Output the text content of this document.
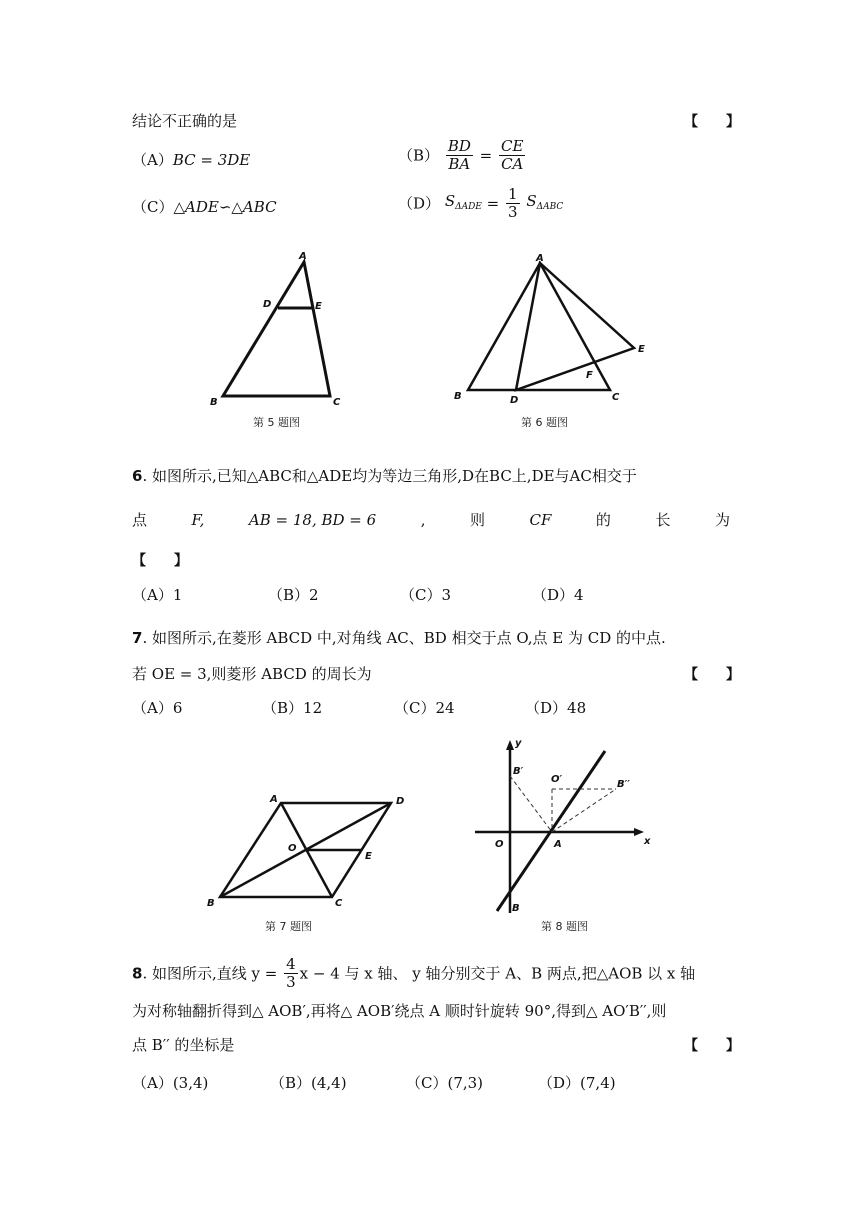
结论不正确的是	【　　】
（A）BC = 3DE	$(B) \frac{BD}{BA} = \frac{CE}{CA}$
（C）△ADE∽△ABC	（D） $S_{\Delta ADE} = \frac{1}{3} S_{\Delta ABC}$
A
D	E
B	C
第 5 题图
A
E
F
B	D	C
第 6 题图
6. 如图所示,已知△ABC和△ADE均为等边三角形,D在BC上,DE与AC相交于
点	F,	AB = 18, BD = 6	,	则	CF	的	长	为
【　　】
（A）1	（B）2	（C）3	（D）4
7. 如图所示,在菱形 ABCD 中,对角线 AC、BD 相交于点 O,点 E 为 CD 的中点.
若 OE = 3,则菱形 ABCD 的周长为	【　　】
（A）6	（B）12	（C）24	（D）48
A	D
O
E
B	C
第 7 题图
y
B′
O′	B′′
O	A	x
B
第 8 题图
8. 如图所示,直线 $y = \frac{4}{3}$ x − 4 与 x 轴、 y 轴分别交于 A、B 两点,把△AOB 以 x 轴
为对称轴翻折得到△ AOB′,再将△ AOB′绕点 A 顺时针旋转 90°,得到△ AO′B′′,则
点 B′′ 的坐标是	【　　】
（A）(3,4)	（B）(4,4)	（C）(7,3)	（D）(7,4)
